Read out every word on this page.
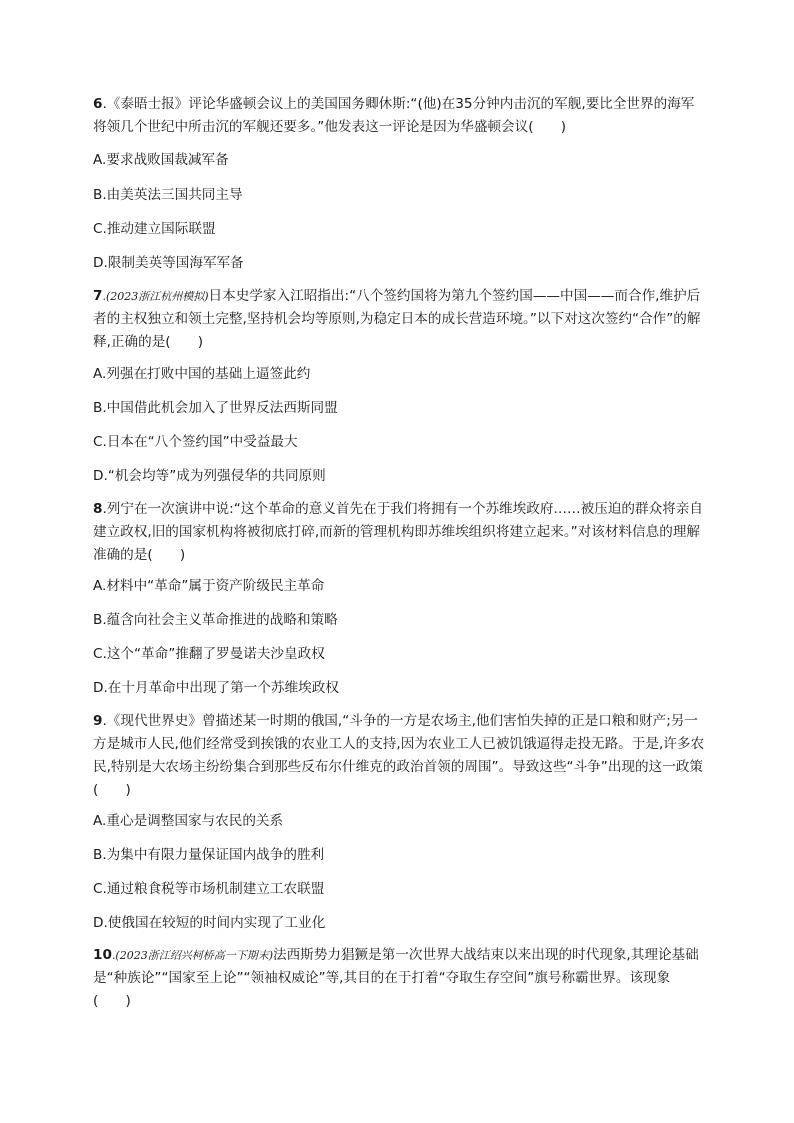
6.《泰晤士报》评论华盛顿会议上的美国国务卿休斯:“(他)在35分钟内击沉的军舰,要比全世界的海军将领几个世纪中所击沉的军舰还要多。”他发表这一评论是因为华盛顿会议(　　)
A.要求战败国裁减军备
B.由美英法三国共同主导
C.推动建立国际联盟
D.限制美英等国海军军备
7.(2023浙江杭州模拟)日本史学家入江昭指出:“八个签约国将为第九个签约国——中国——而合作,维护后者的主权独立和领土完整,坚持机会均等原则,为稳定日本的成长营造环境。”以下对这次签约“合作”的解释,正确的是(　　)
A.列强在打败中国的基础上逼签此约
B.中国借此机会加入了世界反法西斯同盟
C.日本在“八个签约国”中受益最大
D.“机会均等”成为列强侵华的共同原则
8.列宁在一次演讲中说:“这个革命的意义首先在于我们将拥有一个苏维埃政府……被压迫的群众将亲自建立政权,旧的国家机构将被彻底打碎,而新的管理机构即苏维埃组织将建立起来。”对该材料信息的理解准确的是(　　)
A.材料中“革命”属于资产阶级民主革命
B.蕴含向社会主义革命推进的战略和策略
C.这个“革命”推翻了罗曼诺夫沙皇政权
D.在十月革命中出现了第一个苏维埃政权
9.《现代世界史》曾描述某一时期的俄国,“斗争的一方是农场主,他们害怕失掉的正是口粮和财产;另一方是城市人民,他们经常受到挨饿的农业工人的支持,因为农业工人已被饥饿逼得走投无路。于是,许多农民,特别是大农场主纷纷集合到那些反布尔什维克的政治首领的周围”。导致这些“斗争”出现的这一政策(　　)
A.重心是调整国家与农民的关系
B.为集中有限力量保证国内战争的胜利
C.通过粮食税等市场机制建立工农联盟
D.使俄国在较短的时间内实现了工业化
10.(2023浙江绍兴柯桥高一下期末)法西斯势力猖獗是第一次世界大战结束以来出现的时代现象,其理论基础是“种族论”“国家至上论”“领袖权威论”等,其目的在于打着“夺取生存空间”旗号称霸世界。该现象(　　)
